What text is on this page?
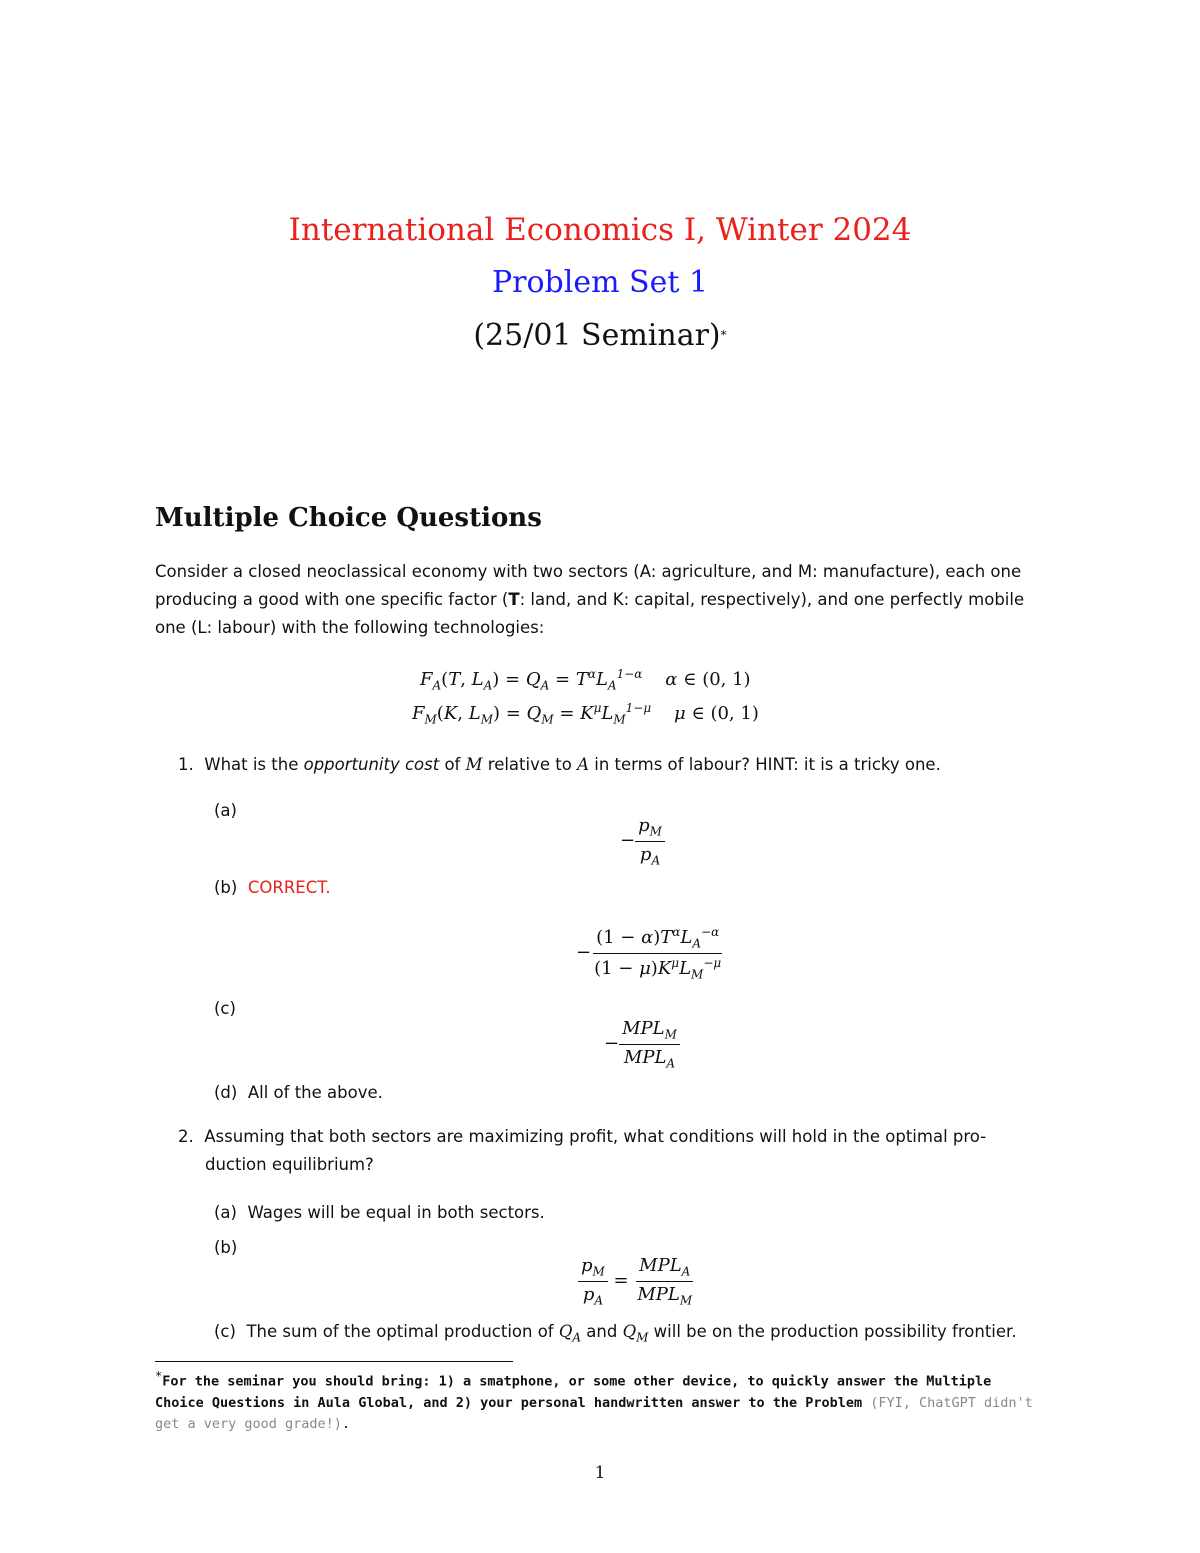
International Economics I, Winter 2024
Problem Set 1
(25/01 Seminar)*
Multiple Choice Questions
Consider a closed neoclassical economy with two sectors (A: agriculture, and M: manufacture), each one
producing a good with one specific factor (T: land, and K: capital, respectively), and one perfectly mobile
one (L: labour) with the following technologies:
$F_A(T$, $L_A) = Q_A = T^\alpha L_A^{1-\alpha}$ α ∈ (0, 1)
$F_M(K$, $L_M) = Q_M = K^\mu L_M^{1-\mu}$ μ ∈ (0, 1)
1. What is the opportunity cost of M relative to A in terms of labour? HINT: it is a tricky one.
(a)
− $\frac{p_M}{p_A}$
(b) CORRECT.
− $\frac{(1 - \alpha)T^\alpha L_A^{-\alpha}}{(1 - \mu)K^\mu L_M^{-\mu}}$
(c)
− $\frac{MPL_M}{MPL_A}$
(d) All of the above.
2. Assuming that both sectors are maximizing profit, what conditions will hold in the optimal pro-
duction equilibrium?
(a) Wages will be equal in both sectors.
(b)
$\frac{p_M}{p_A} = \frac{MPL_A}{MPL_M}$
(c) The sum of the optimal production of $Q_A$ and $Q_M$ will be on the production possibility frontier.
*For the seminar you should bring: 1) a smatphone, or some other device, to quickly answer the Multiple Choice Questions in Aula Global, and 2) your personal handwritten answer to the Problem (FYI, ChatGPT didn't get a very good grade!).
1
